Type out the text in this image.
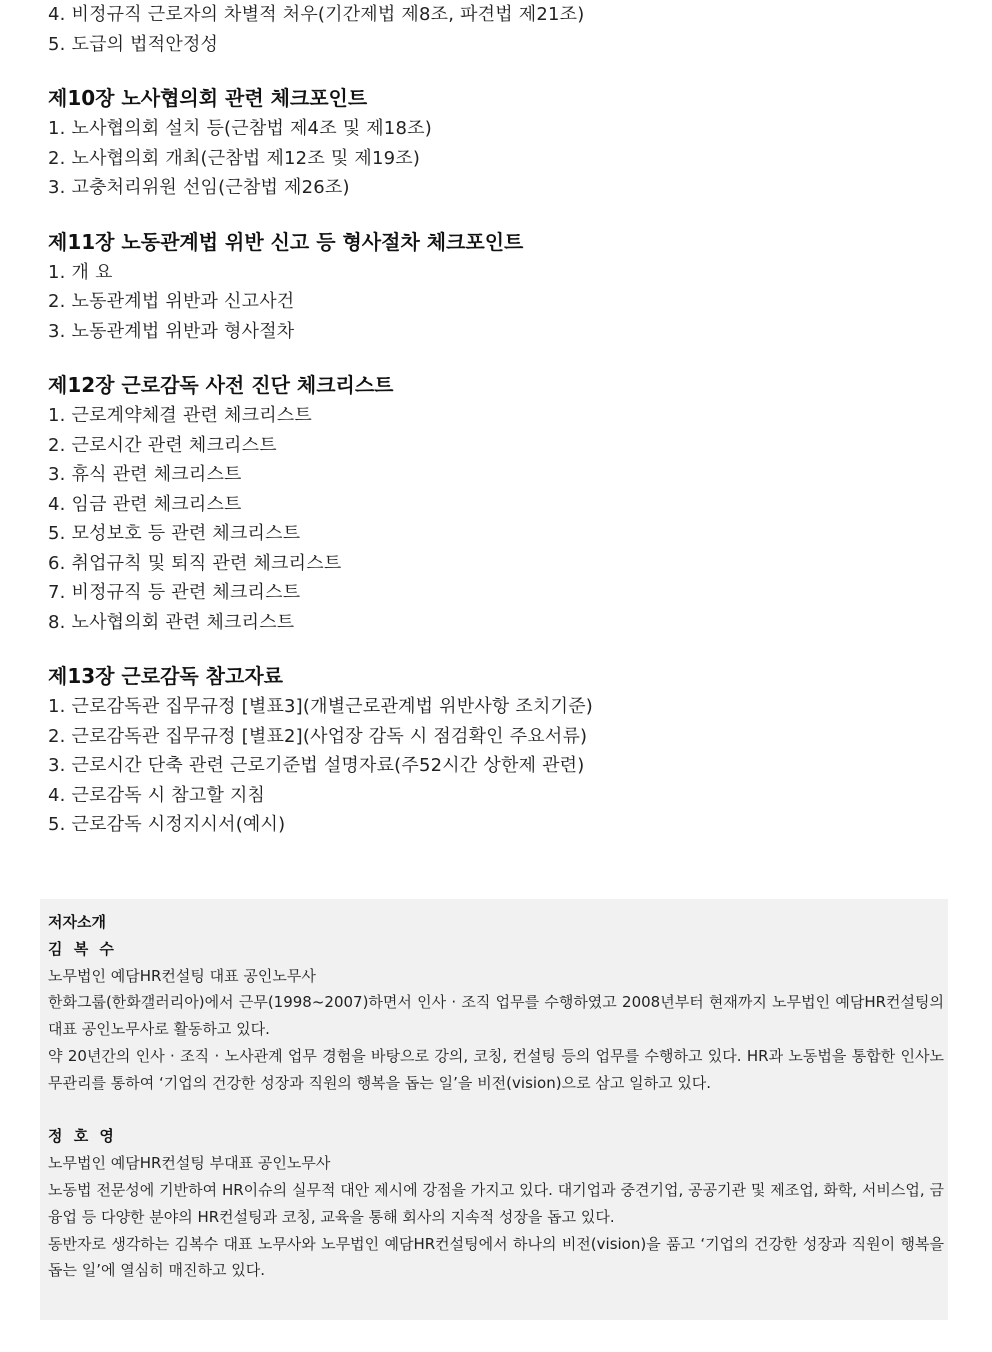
4. 비정규직 근로자의 차별적 처우(기간제법 제8조, 파견법 제21조)
5. 도급의 법적안정성
제10장 노사협의회 관련 체크포인트
1. 노사협의회 설치 등(근참법 제4조 및 제18조)
2. 노사협의회 개최(근참법 제12조 및 제19조)
3. 고충처리위원 선임(근참법 제26조)
제11장 노동관계법 위반 신고 등 형사절차 체크포인트
1. 개 요
2. 노동관계법 위반과 신고사건
3. 노동관계법 위반과 형사절차
제12장 근로감독 사전 진단 체크리스트
1. 근로계약체결 관련 체크리스트
2. 근로시간 관련 체크리스트
3. 휴식 관련 체크리스트
4. 임금 관련 체크리스트
5. 모성보호 등 관련 체크리스트
6. 취업규칙 및 퇴직 관련 체크리스트
7. 비정규직 등 관련 체크리스트
8. 노사협의회 관련 체크리스트
제13장 근로감독 참고자료
1. 근로감독관 집무규정 [별표3](개별근로관계법 위반사항 조치기준)
2. 근로감독관 집무규정 [별표2](사업장 감독 시 점검확인 주요서류)
3. 근로시간 단축 관련 근로기준법 설명자료(주52시간 상한제 관련)
4. 근로감독 시 참고할 지침
5. 근로감독 시정지시서(예시)
저자소개
김 복 수
노무법인 예담HR컨설팅 대표 공인노무사
한화그룹(한화갤러리아)에서 근무(1998~2007)하면서 인사 · 조직 업무를 수행하였고 2008년부터 현재까지 노무법인 예담HR컨설팅의 대표 공인노무사로 활동하고 있다.
약 20년간의 인사 · 조직 · 노사관계 업무 경험을 바탕으로 강의, 코칭, 컨설팅 등의 업무를 수행하고 있다. HR과 노동법을 통합한 인사노무관리를 통하여 ‘기업의 건강한 성장과 직원의 행복을 돕는 일’을 비전(vision)으로 삼고 일하고 있다.
정 호 영
노무법인 예담HR컨설팅 부대표 공인노무사
노동법 전문성에 기반하여 HR이슈의 실무적 대안 제시에 강점을 가지고 있다. 대기업과 중견기업, 공공기관 및 제조업, 화학, 서비스업, 금융업 등 다양한 분야의 HR컨설팅과 코칭, 교육을 통해 회사의 지속적 성장을 돕고 있다.
동반자로 생각하는 김복수 대표 노무사와 노무법인 예담HR컨설팅에서 하나의 비전(vision)을 품고 ‘기업의 건강한 성장과 직원이 행복을 돕는 일’에 열심히 매진하고 있다.
